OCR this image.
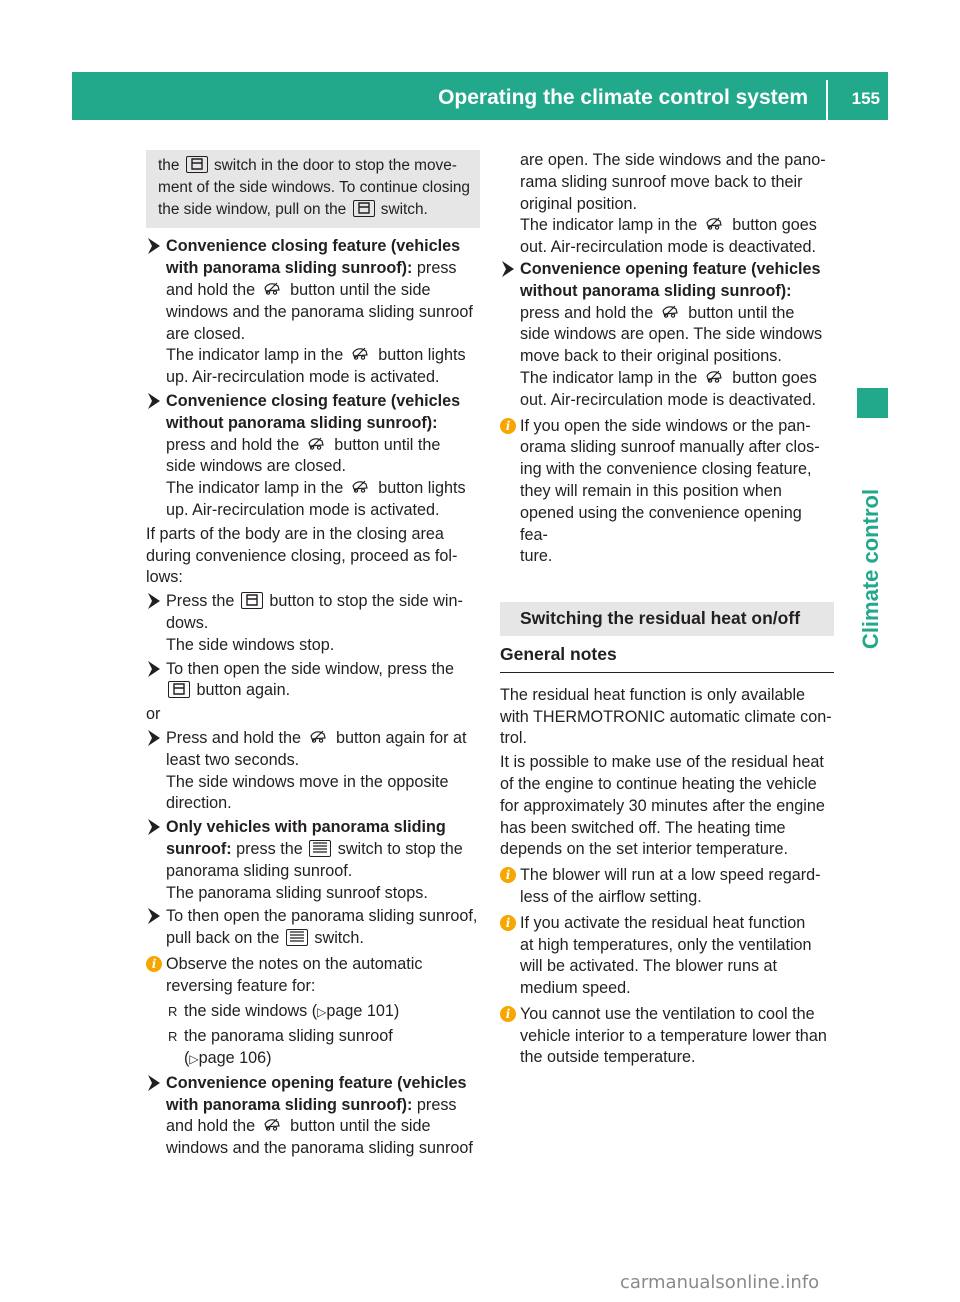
Operating the climate control system	155
Climate control
the switch in the door to stop the move-
ment of the side windows. To continue closing
the side window, pull on the switch.
Convenience closing feature (vehicles
with panorama sliding sunroof): press
and hold the button until the side
windows and the panorama sliding sunroof
are closed.
The indicator lamp in the button lights
up. Air-recirculation mode is activated.
Convenience closing feature (vehicles
without panorama sliding sunroof):
press and hold the button until the
side windows are closed.
The indicator lamp in the button lights
up. Air-recirculation mode is activated.
If parts of the body are in the closing area
during convenience closing, proceed as fol-
lows:
Press the button to stop the side win-
dows.
The side windows stop.
To then open the side window, press the
button again.
or
Press and hold the button again for at
least two seconds.
The side windows move in the opposite
direction.
Only vehicles with panorama sliding
sunroof: press the switch to stop the
panorama sliding sunroof.
The panorama sliding sunroof stops.
To then open the panorama sliding sunroof,
pull back on the switch.
i Observe the notes on the automatic
reversing feature for:
R the side windows (▷page 101)
R the panorama sliding sunroof
(▷page 106)
Convenience opening feature (vehicles
with panorama sliding sunroof): press
and hold the button until the side
windows and the panorama sliding sunroof
are open. The side windows and the pano-
rama sliding sunroof move back to their
original position.
The indicator lamp in the button goes
out. Air-recirculation mode is deactivated.
Convenience opening feature (vehicles
without panorama sliding sunroof):
press and hold the button until the
side windows are open. The side windows
move back to their original positions.
The indicator lamp in the button goes
out. Air-recirculation mode is deactivated.
i If you open the side windows or the pan-
orama sliding sunroof manually after clos-
ing with the convenience closing feature,
they will remain in this position when
opened using the convenience opening fea-
ture.
Switching the residual heat on/off
General notes
The residual heat function is only available
with THERMOTRONIC automatic climate con-
trol.
It is possible to make use of the residual heat
of the engine to continue heating the vehicle
for approximately 30 minutes after the engine
has been switched off. The heating time
depends on the set interior temperature.
i The blower will run at a low speed regard-
less of the airflow setting.
i If you activate the residual heat function
at high temperatures, only the ventilation
will be activated. The blower runs at
medium speed.
i You cannot use the ventilation to cool the
vehicle interior to a temperature lower than
the outside temperature.
carmanualsonline.info
